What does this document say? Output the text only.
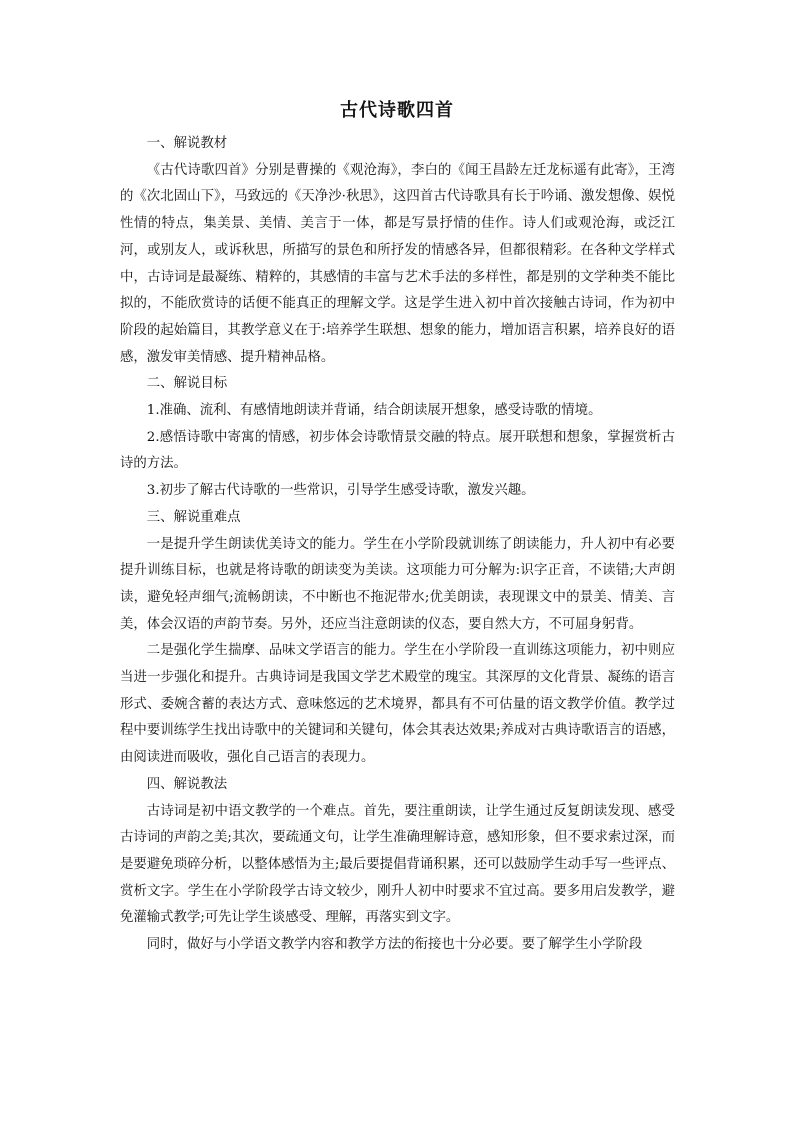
古代诗歌四首
一、解说教材

《古代诗歌四首》分别是曹操的《观沧海》，李白的《闻王昌龄左迁龙标遥有此寄》，王湾的《次北固山下》，马致远的《天净沙·秋思》，这四首古代诗歌具有长于吟诵、激发想像、娱悦性情的特点，集美景、美情、美言于一体，都是写景抒情的佳作。诗人们或观沧海，或泛江河，或别友人，或诉秋思，所描写的景色和所抒发的情感各异，但都很精彩。在各种文学样式中，古诗词是最凝练、精粹的，其感情的丰富与艺术手法的多样性，都是别的文学种类不能比拟的，不能欣赏诗的话便不能真正的理解文学。这是学生进入初中首次接触古诗词，作为初中阶段的起始篇目，其教学意义在于:培养学生联想、想象的能力，增加语言积累，培养良好的语感，激发审美情感、提升精神品格。

二、解说目标

1.准确、流利、有感情地朗读并背诵，结合朗读展开想象，感受诗歌的情境。

2.感悟诗歌中寄寓的情感，初步体会诗歌情景交融的特点。展开联想和想象，掌握赏析古诗的方法。

3.初步了解古代诗歌的一些常识，引导学生感受诗歌，激发兴趣。

三、解说重难点

一是提升学生朗读优美诗文的能力。学生在小学阶段就训练了朗读能力，升人初中有必要提升训练目标，也就是将诗歌的朗读变为美读。这项能力可分解为:识字正音，不读错;大声朗读，避免轻声细气;流畅朗读，不中断也不拖泥带水;优美朗读，表现课文中的景美、情美、言美，体会汉语的声韵节奏。另外，还应当注意朗读的仪态，要自然大方，不可屈身躬背。

二是强化学生揣摩、品味文学语言的能力。学生在小学阶段一直训练这项能力，初中则应当进一步强化和提升。古典诗词是我国文学艺术殿堂的瑰宝。其深厚的文化背景、凝练的语言形式、委婉含蓄的表达方式、意味悠远的艺术境界，都具有不可估量的语文教学价值。教学过程中要训练学生找出诗歌中的关键词和关键句，体会其表达效果;养成对古典诗歌语言的语感，由阅读进而吸收，强化自己语言的表现力。

四、解说教法

古诗词是初中语文教学的一个难点。首先，要注重朗读，让学生通过反复朗读发现、感受古诗词的声韵之美;其次，要疏通文句，让学生准确理解诗意，感知形象，但不要求索过深，而是要避免琐碎分析，以整体感悟为主;最后要提倡背诵积累，还可以鼓励学生动手写一些评点、赏析文字。学生在小学阶段学古诗文较少，刚升人初中时要求不宜过高。要多用启发教学，避免灌输式教学;可先让学生谈感受、理解，再落实到文字。

同时，做好与小学语文教学内容和教学方法的衔接也十分必要。要了解学生小学阶段
